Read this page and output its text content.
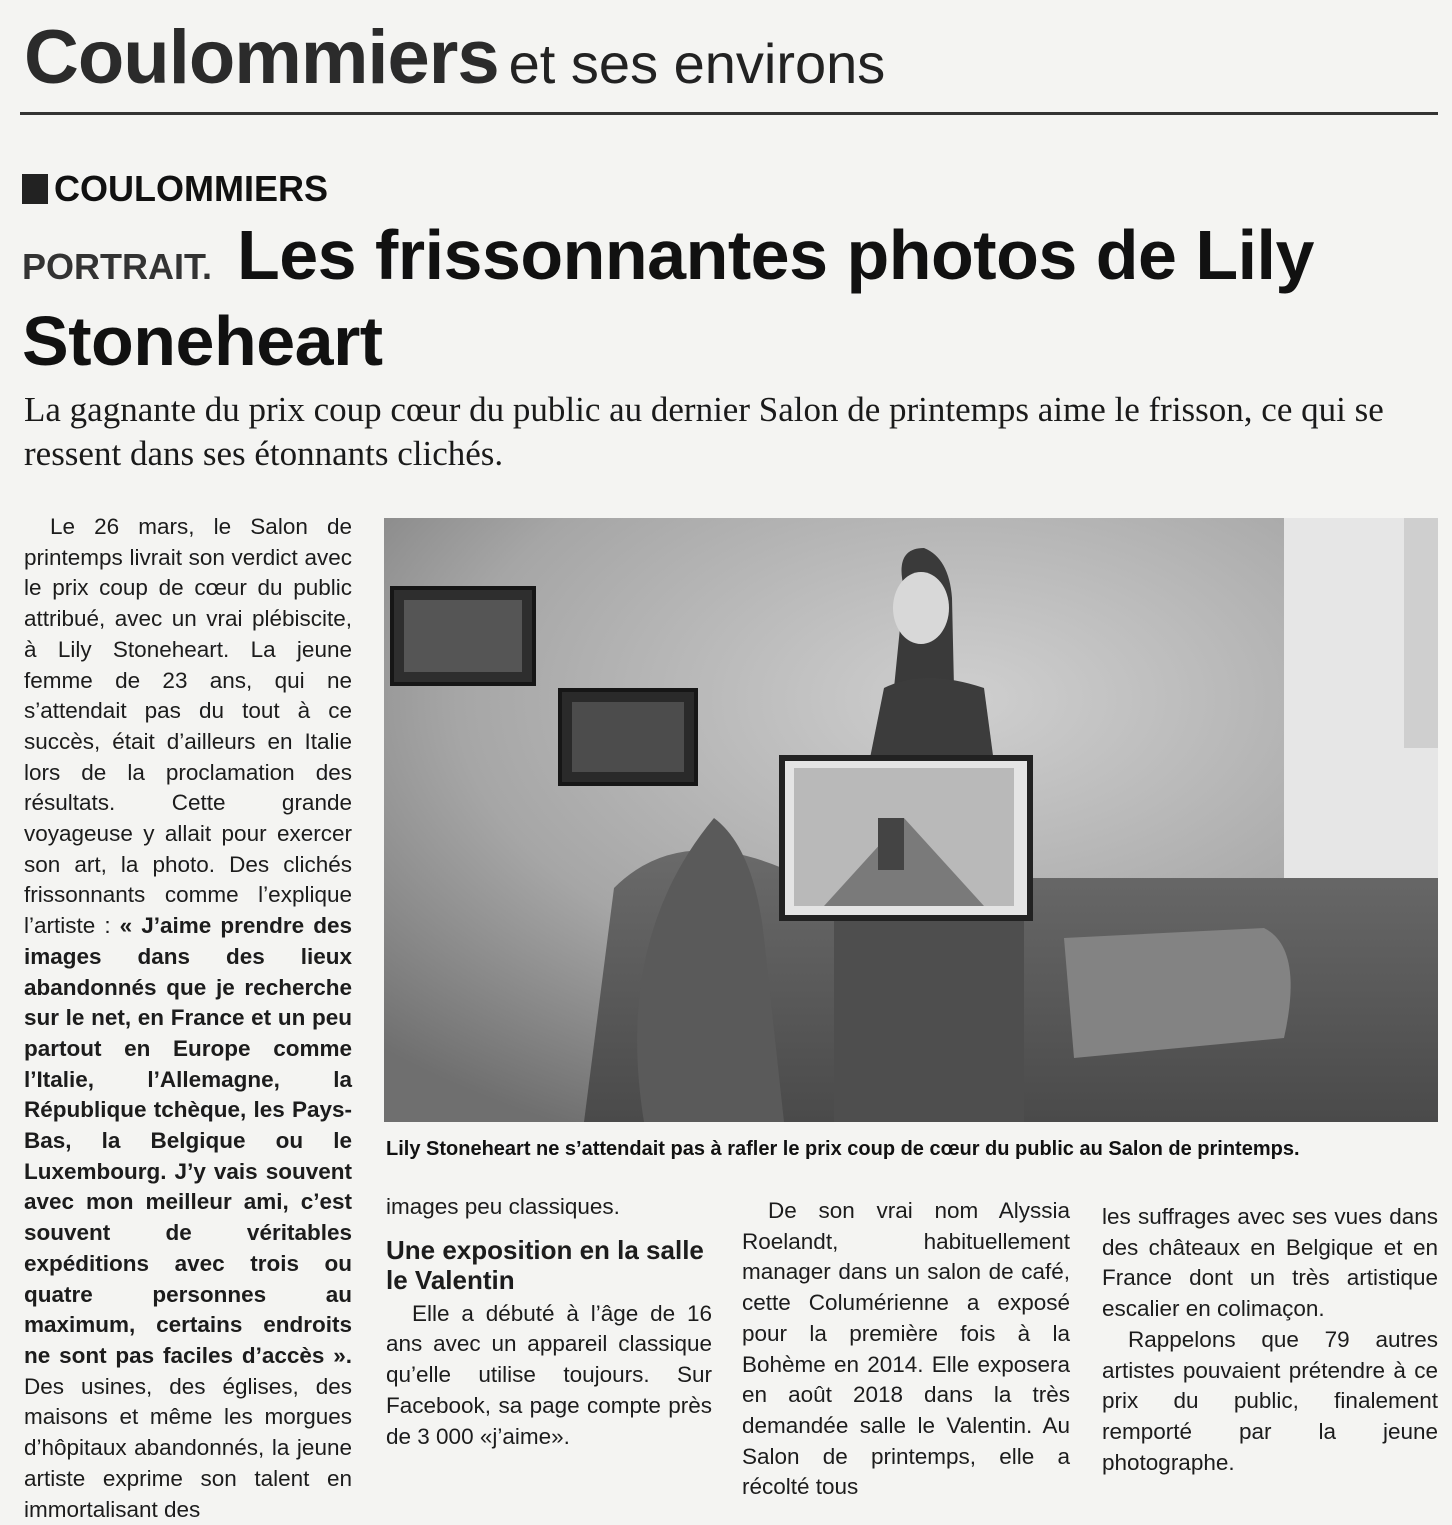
Coulommiers et ses environs
COULOMMIERS
PORTRAIT. Les frissonnantes photos de Lily Stoneheart
La gagnante du prix coup cœur du public au dernier Salon de printemps aime le frisson, ce qui se ressent dans ses étonnants clichés.

Le 26 mars, le Salon de printemps livrait son verdict avec le prix coup de cœur du public attribué, avec un vrai plébiscite, à Lily Stoneheart. La jeune femme de 23 ans, qui ne s’attendait pas du tout à ce succès, était d’ailleurs en Italie lors de la proclamation des résultats. Cette grande voyageuse y allait pour exercer son art, la photo. Des clichés frissonnants comme l’explique l’artiste : « J’aime prendre des images dans des lieux abandonnés que je recherche sur le net, en France et un peu partout en Europe comme l’Italie, l’Allemagne, la République tchèque, les Pays-Bas, la Belgique ou le Luxembourg. J’y vais souvent avec mon meilleur ami, c’est souvent de véritables expéditions avec trois ou quatre personnes au maximum, certains endroits ne sont pas faciles d’accès ». Des usines, des églises, des maisons et même les morgues d’hôpitaux abandonnés, la jeune artiste exprime son talent en immortalisant des

Lily Stoneheart ne s’attendait pas à rafler le prix coup de cœur du public au Salon de printemps.

images peu classiques.

Une exposition en la salle le Valentin

Elle a débuté à l’âge de 16 ans avec un appareil classique qu’elle utilise toujours. Sur Facebook, sa page compte près de 3 000 «j’aime».

De son vrai nom Alyssia Roelandt, habituellement manager dans un salon de café, cette Columérienne a exposé pour la première fois à la Bohème en 2014. Elle exposera en août 2018 dans la très demandée salle le Valentin. Au Salon de printemps, elle a récolté tous

les suffrages avec ses vues dans des châteaux en Belgique et en France dont un très artistique escalier en colimaçon.

Rappelons que 79 autres artistes pouvaient prétendre à ce prix du public, finalement remporté par la jeune photographe.
